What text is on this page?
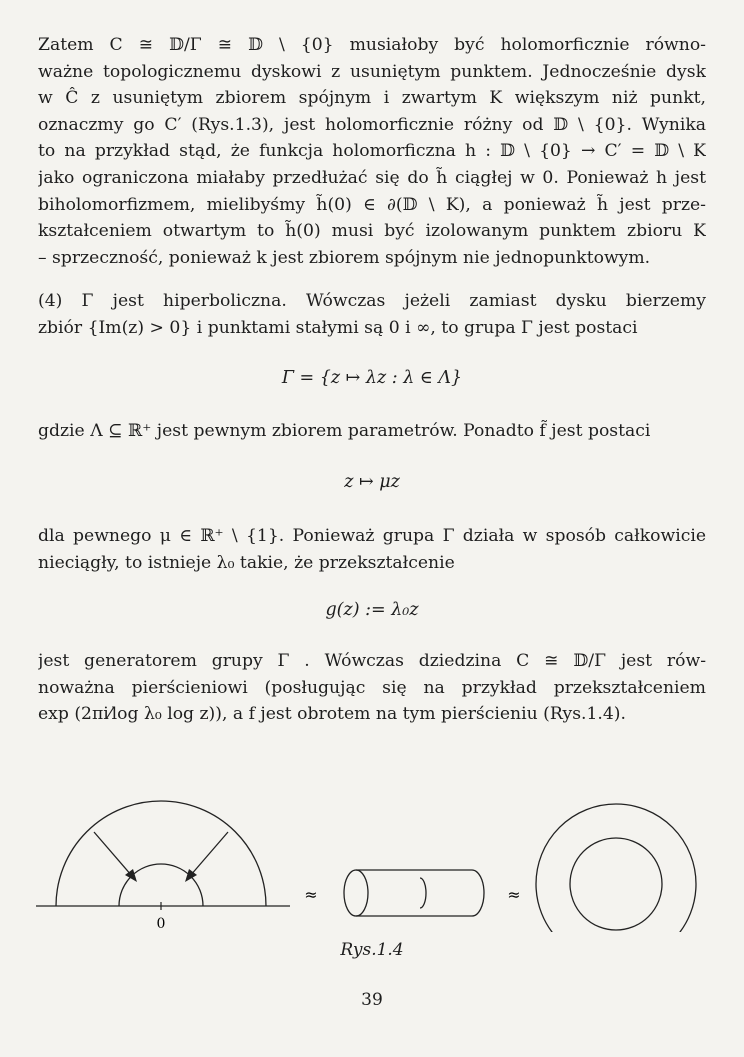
Zatem C ≅ 𝔻/Γ ≅ 𝔻 \ {0} musiałoby być holomorficznie równo-
ważne topologicznemu dyskowi z usuniętym punktem. Jednocześnie dysk
w Ĉ z usuniętym zbiorem spójnym i zwartym K większym niż punkt,
oznaczmy go C′ (Rys.1.3), jest holomorficznie różny od 𝔻 \ {0}. Wynika
to na przykład stąd, że funkcja holomorficzna h : 𝔻 \ {0} → C′ = 𝔻 \ K
jako ograniczona miałaby przedłużać się do h̃ ciągłej w 0. Ponieważ h jest
biholomorfizmem, mielibyśmy h̃(0) ∈ ∂(𝔻 \ K), a ponieważ h̃ jest prze-
kształceniem otwartym to h̃(0) musi być izolowanym punktem zbioru K
– sprzeczność, ponieważ k jest zbiorem spójnym nie jednopunktowym.
(4) Γ jest hiperboliczna. Wówczas jeżeli zamiast dysku bierzemy
zbiór {Im(z) > 0} i punktami stałymi są 0 i ∞, to grupa Γ jest postaci
Γ = {z ↦ λz : λ ∈ Λ}
gdzie Λ ⊆ ℝ⁺ jest pewnym zbiorem parametrów. Ponadto f̃ jest postaci
z ↦ μz
dla pewnego μ ∈ ℝ⁺ \ {1}. Ponieważ grupa Γ działa w sposób całkowicie
nieciągły, to istnieje λ₀ takie, że przekształcenie
g(z) := λ₀z
jest generatorem grupy Γ . Wówczas dziedzina C ≅ 𝔻/Γ jest rów-
noważna pierścieniowi (posługując się na przykład przekształceniem
exp (2πi⁄log λ₀ log z)), a f jest obrotem na tym pierścieniu (Rys.1.4).
0
≈	≈
Rys.1.4
39
